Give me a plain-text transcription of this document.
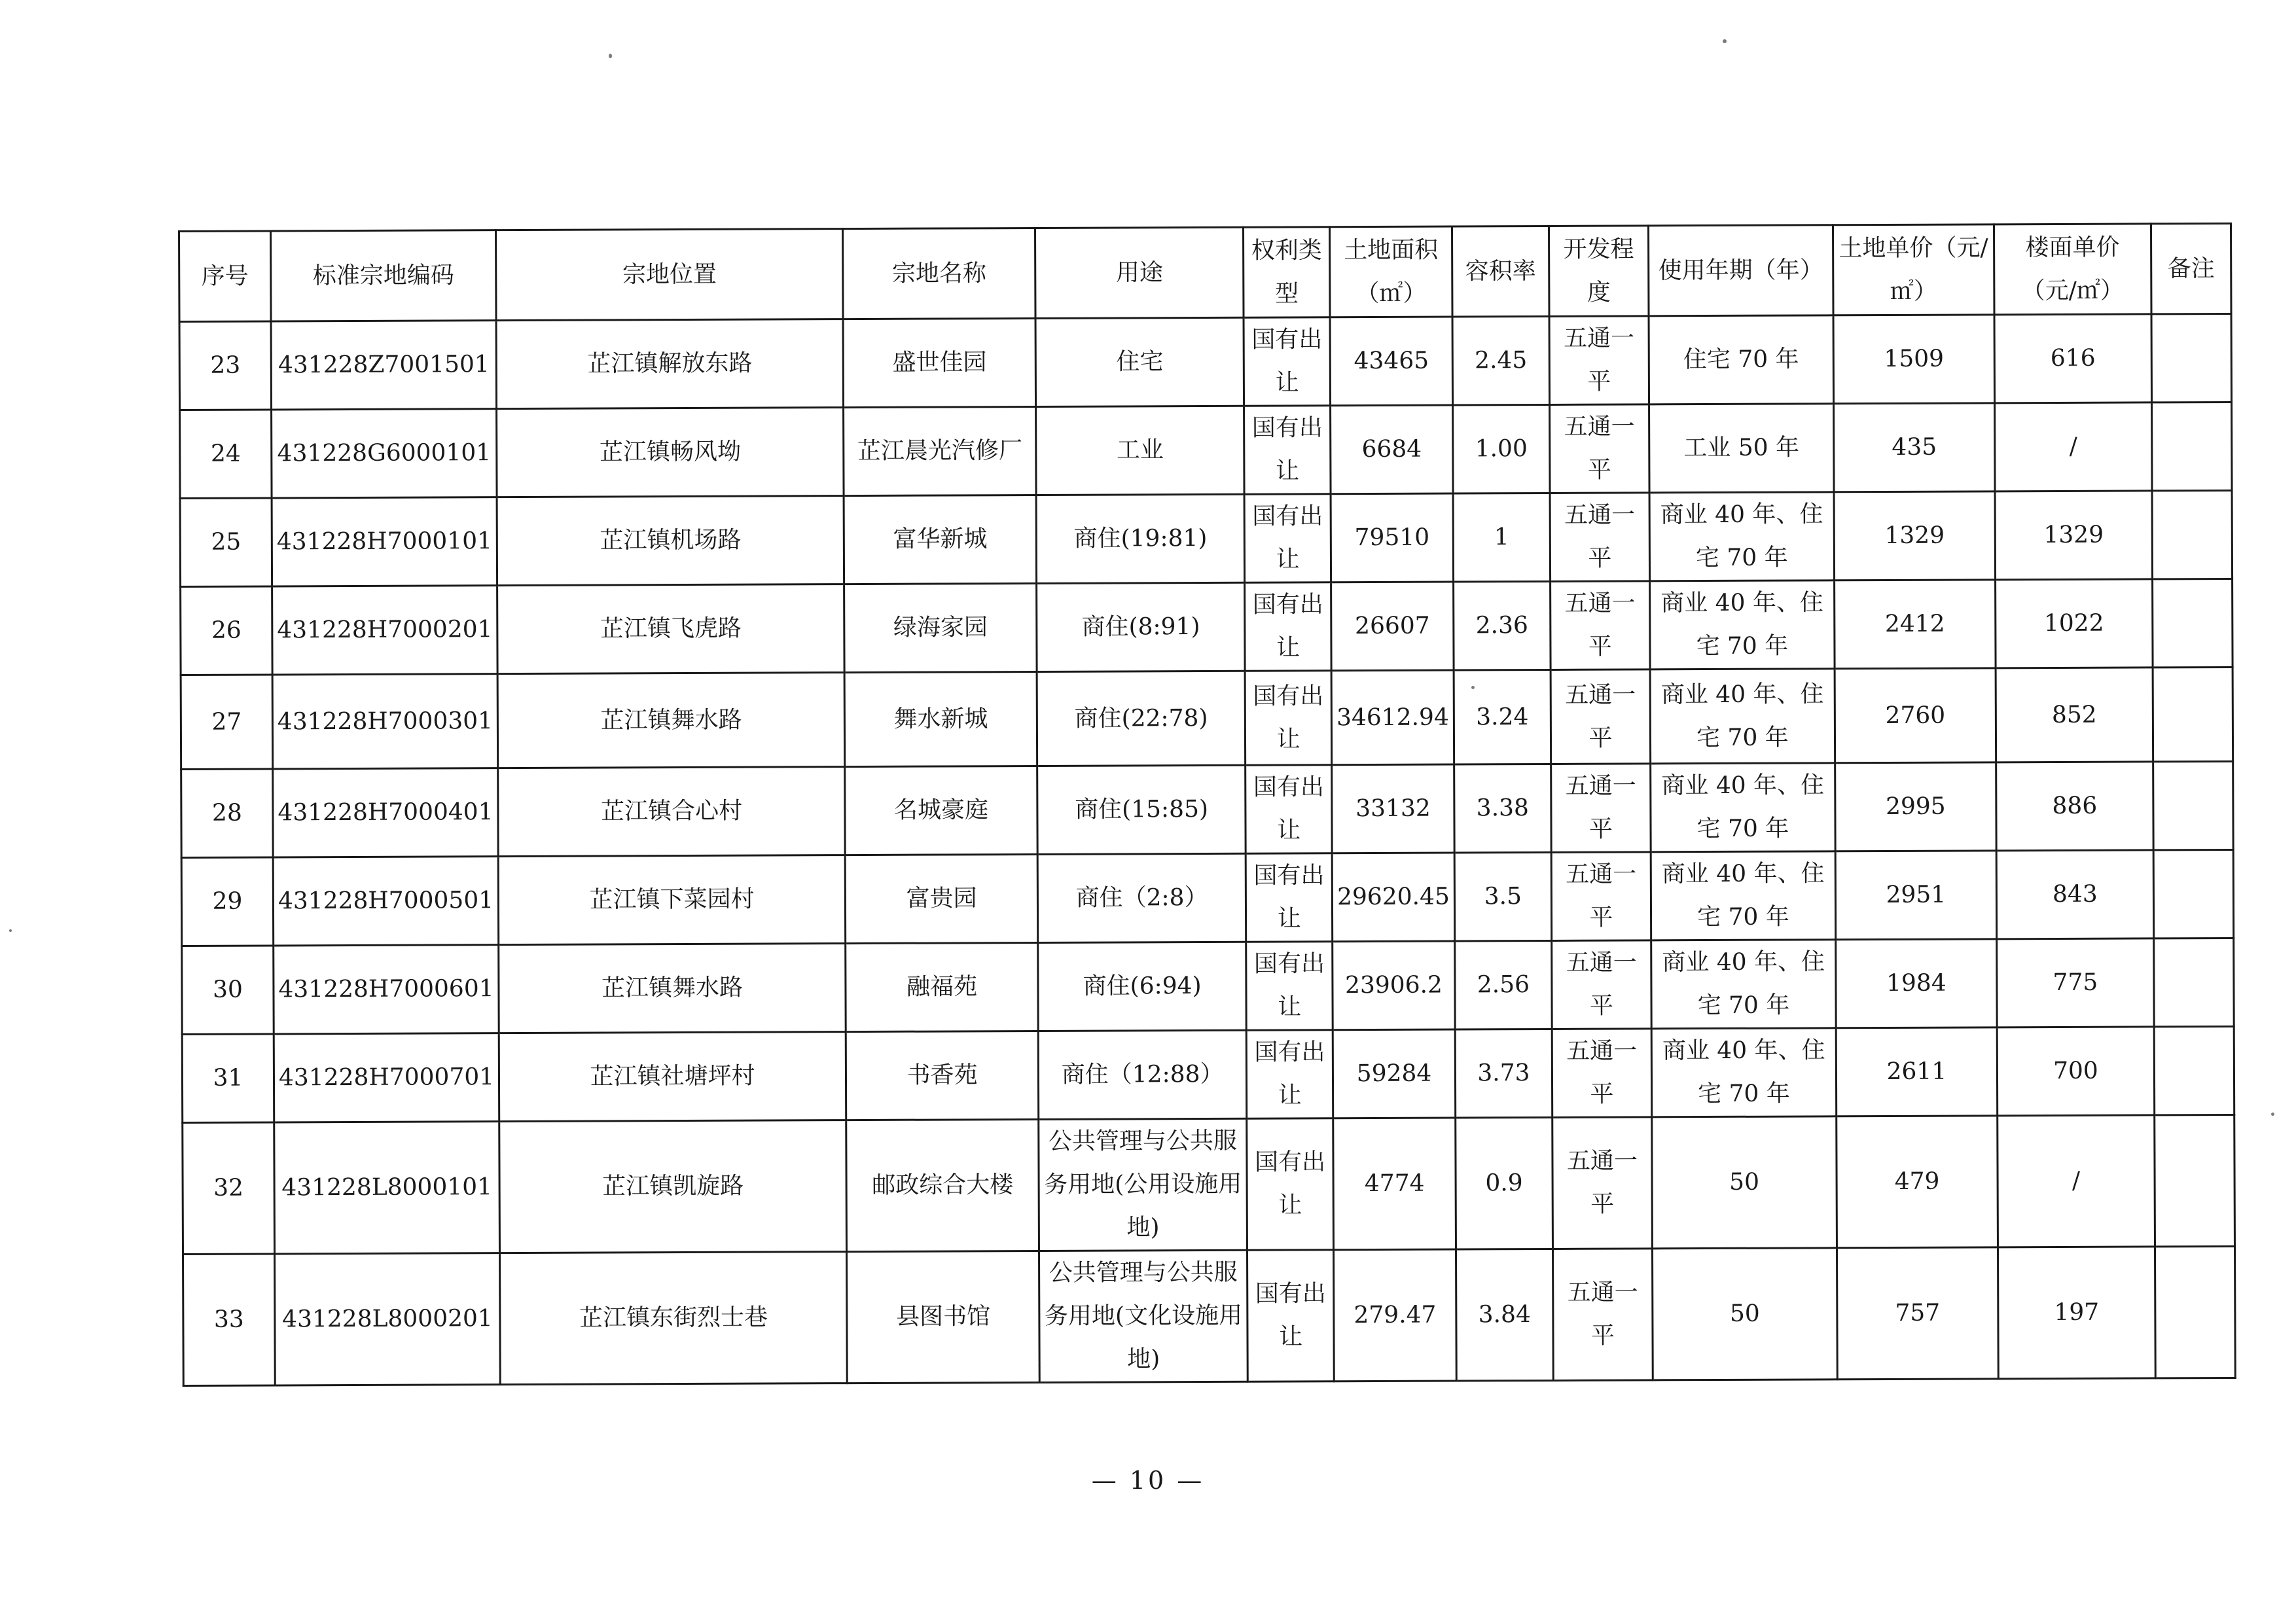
序号	标准宗地编码	宗地位置	宗地名称	用途	权利类型	土地面积（㎡）	容积率	开发程度	使用年期（年）	土地单价（元/㎡）	楼面单价（元/㎡）	备注
23	431228Z7001501	芷江镇解放东路	盛世佳园	住宅	国有出让	43465	2.45	五通一平	住宅 70 年	1509	616	
24	431228G6000101	芷江镇畅风坳	芷江晨光汽修厂	工业	国有出让	6684	1.00	五通一平	工业 50 年	435	/	
25	431228H7000101	芷江镇机场路	富华新城	商住(19:81)	国有出让	79510	1	五通一平	商业 40 年、住宅 70 年	1329	1329	
26	431228H7000201	芷江镇飞虎路	绿海家园	商住(8:91)	国有出让	26607	2.36	五通一平	商业 40 年、住宅 70 年	2412	1022	
27	431228H7000301	芷江镇舞水路	舞水新城	商住(22:78)	国有出让	34612.94	3.24	五通一平	商业 40 年、住宅 70 年	2760	852	
28	431228H7000401	芷江镇合心村	名城豪庭	商住(15:85)	国有出让	33132	3.38	五通一平	商业 40 年、住宅 70 年	2995	886	
29	431228H7000501	芷江镇下菜园村	富贵园	商住（2:8）	国有出让	29620.45	3.5	五通一平	商业 40 年、住宅 70 年	2951	843	
30	431228H7000601	芷江镇舞水路	融福苑	商住(6:94)	国有出让	23906.2	2.56	五通一平	商业 40 年、住宅 70 年	1984	775	
31	431228H7000701	芷江镇社塘坪村	书香苑	商住（12:88）	国有出让	59284	3.73	五通一平	商业 40 年、住宅 70 年	2611	700	
32	431228L8000101	芷江镇凯旋路	邮政综合大楼	公共管理与公共服务用地(公用设施用地)	国有出让	4774	0.9	五通一平	50	479	/	
33	431228L8000201	芷江镇东街烈士巷	县图书馆	公共管理与公共服务用地(文化设施用地)	国有出让	279.47	3.84	五通一平	50	757	197	
— 10 —
